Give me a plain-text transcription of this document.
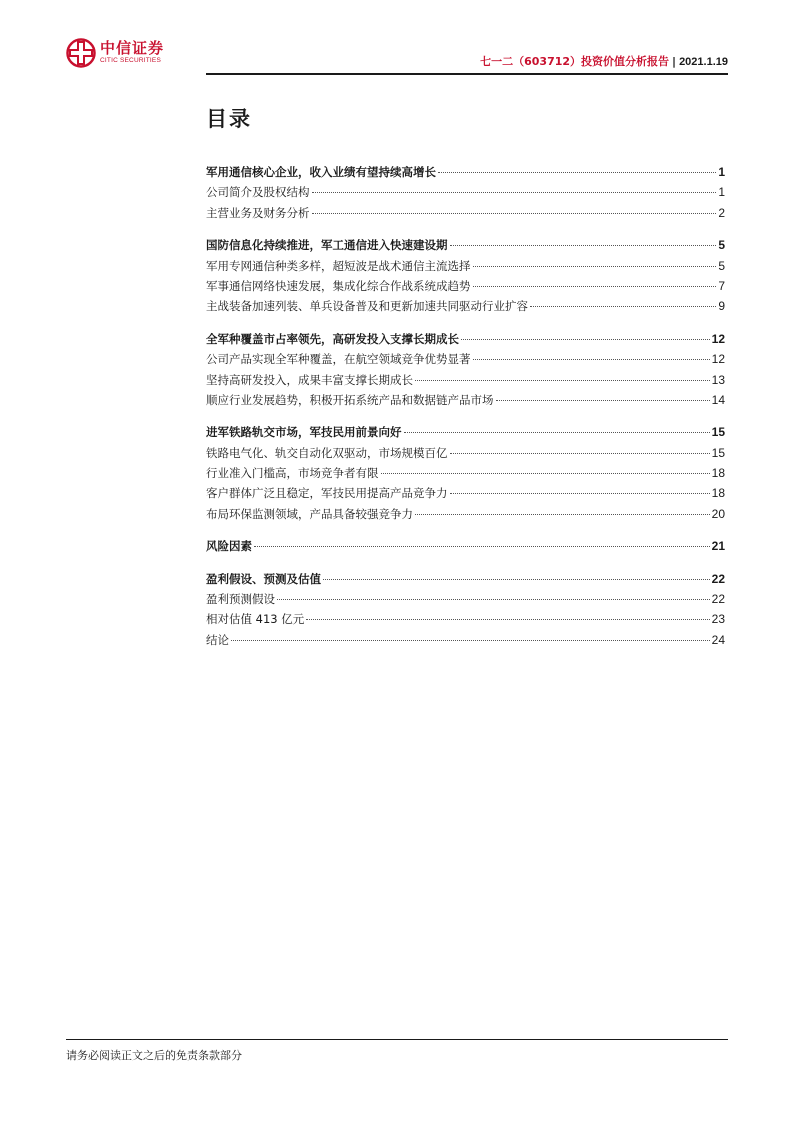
中信证券
CITIC SECURITIES	七一二（603712）投资价值分析报告 | 2021.1.19
目录
军用通信核心企业，收入业绩有望持续高增长	1
公司简介及股权结构	1
主营业务及财务分析	2
国防信息化持续推进，军工通信进入快速建设期	5
军用专网通信种类多样，超短波是战术通信主流选择	5
军事通信网络快速发展，集成化综合作战系统成趋势	7
主战装备加速列装、单兵设备普及和更新加速共同驱动行业扩容	9
全军种覆盖市占率领先，高研发投入支撑长期成长	12
公司产品实现全军种覆盖，在航空领域竞争优势显著	12
坚持高研发投入，成果丰富支撑长期成长	13
顺应行业发展趋势，积极开拓系统产品和数据链产品市场	14
进军铁路轨交市场，军技民用前景向好	15
铁路电气化、轨交自动化双驱动，市场规模百亿	15
行业准入门槛高，市场竞争者有限	18
客户群体广泛且稳定，军技民用提高产品竞争力	18
布局环保监测领域，产品具备较强竞争力	20
风险因素	21
盈利假设、预测及估值	22
盈利预测假设	22
相对估值 413 亿元	23
结论	24
请务必阅读正文之后的免责条款部分
